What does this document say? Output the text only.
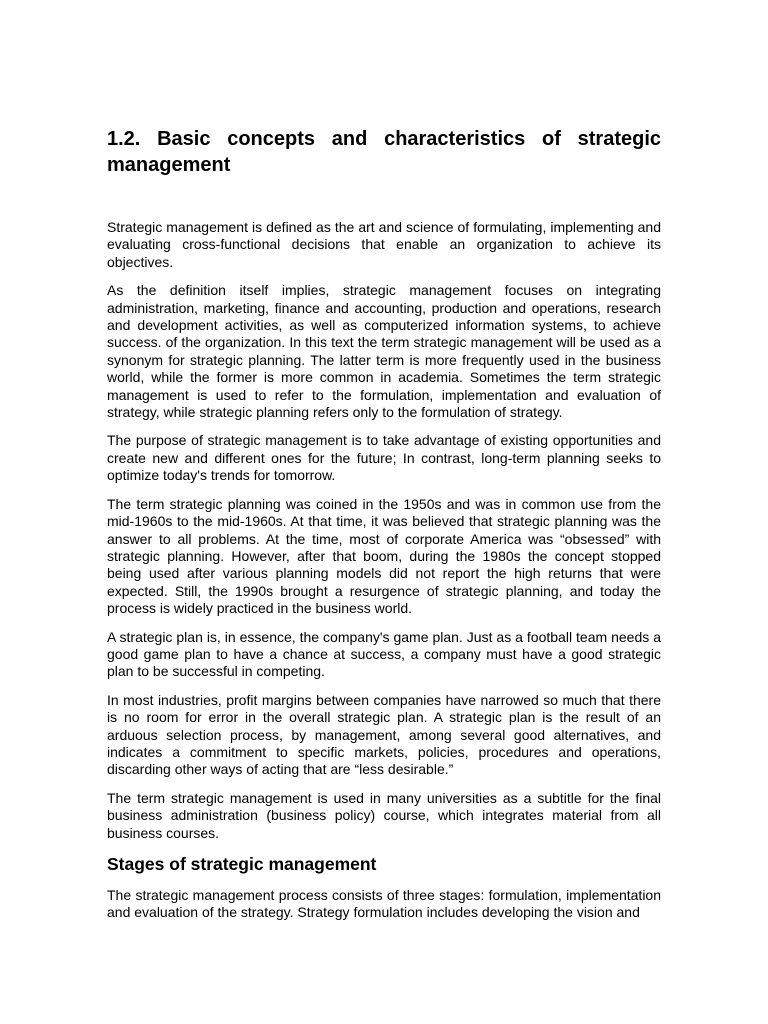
1.2. Basic concepts and characteristics of strategic management

Strategic management is defined as the art and science of formulating, implementing and evaluating cross-functional decisions that enable an organization to achieve its objectives.

As the definition itself implies, strategic management focuses on integrating administration, marketing, finance and accounting, production and operations, research and development activities, as well as computerized information systems, to achieve success. of the organization. In this text the term strategic management will be used as a synonym for strategic planning. The latter term is more frequently used in the business world, while the former is more common in academia. Sometimes the term strategic management is used to refer to the formulation, implementation and evaluation of strategy, while strategic planning refers only to the formulation of strategy.

The purpose of strategic management is to take advantage of existing opportunities and create new and different ones for the future; In contrast, long-term planning seeks to optimize today's trends for tomorrow.

The term strategic planning was coined in the 1950s and was in common use from the mid-1960s to the mid-1960s. At that time, it was believed that strategic planning was the answer to all problems. At the time, most of corporate America was “obsessed” with strategic planning. However, after that boom, during the 1980s the concept stopped being used after various planning models did not report the high returns that were expected. Still, the 1990s brought a resurgence of strategic planning, and today the process is widely practiced in the business world.

A strategic plan is, in essence, the company's game plan. Just as a football team needs a good game plan to have a chance at success, a company must have a good strategic plan to be successful in competing.

In most industries, profit margins between companies have narrowed so much that there is no room for error in the overall strategic plan. A strategic plan is the result of an arduous selection process, by management, among several good alternatives, and indicates a commitment to specific markets, policies, procedures and operations, discarding other ways of acting that are “less desirable.”

The term strategic management is used in many universities as a subtitle for the final business administration (business policy) course, which integrates material from all business courses.

Stages of strategic management

The strategic management process consists of three stages: formulation, implementation and evaluation of the strategy. Strategy formulation includes developing the vision and
